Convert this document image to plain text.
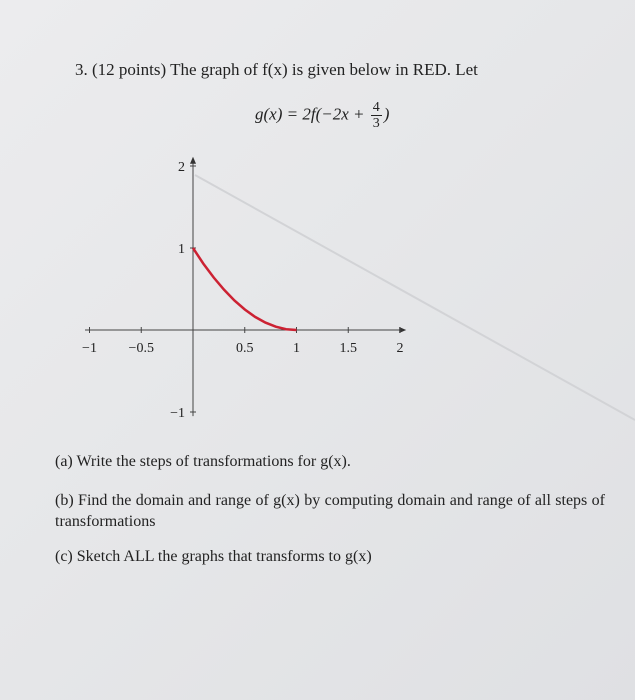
3. (12 points) The graph of f(x) is given below in RED. Let
$g(x) = 2f(-2x + \frac{4}{3}$ )
−1 −0.5	0.5	1	1.5	2
2
1
−1
(a) Write the steps of transformations for g(x).
(b) Find the domain and range of g(x) by computing domain and range of all steps of transformations
(c) Sketch ALL the graphs that transforms to g(x)
